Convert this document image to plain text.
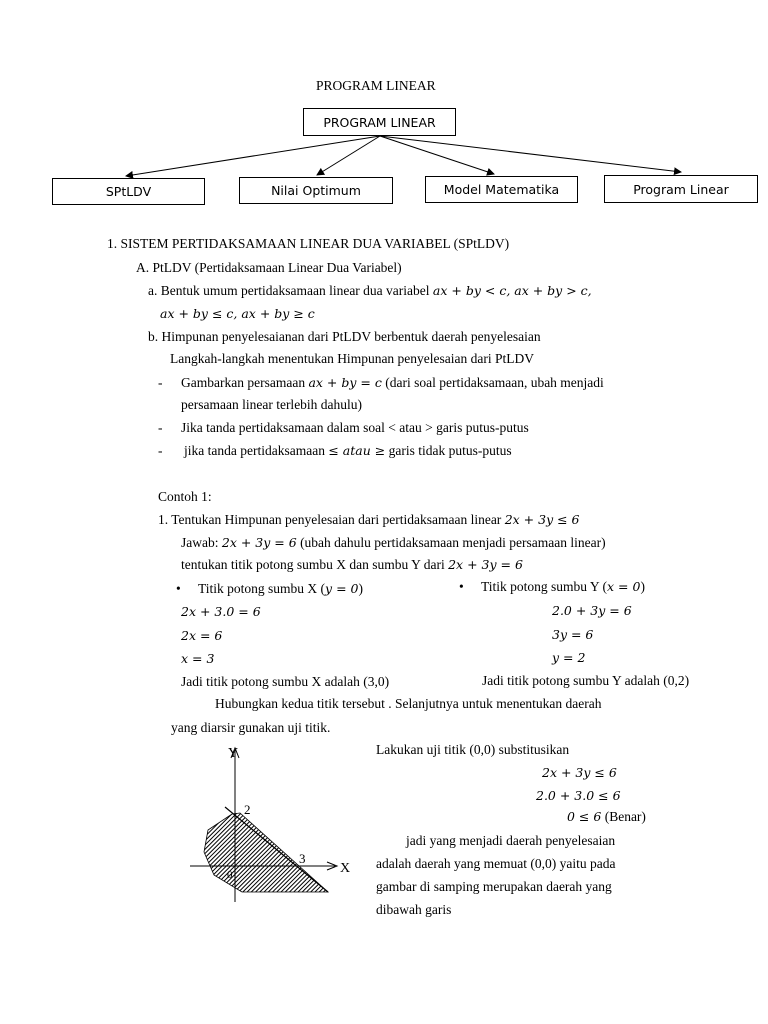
PROGRAM LINEAR
PROGRAM LINEAR
SPtLDV	Nilai Optimum	Model Matematika	Program Linear
1. SISTEM PERTIDAKSAMAAN LINEAR DUA VARIABEL (SPtLDV)
A. PtLDV (Pertidaksamaan Linear Dua Variabel)
a. Bentuk umum pertidaksamaan linear dua variabel ax + by < c, ax + by > c,
ax + by ≤ c, ax + by ≥ c
b. Himpunan penyelesaianan dari PtLDV berbentuk daerah penyelesaian
Langkah-langkah menentukan Himpunan penyelesaian dari PtLDV
- Gambarkan persamaan ax + by = c (dari soal pertidaksamaan, ubah menjadi
persamaan linear terlebih dahulu)
- Jika tanda pertidaksamaan dalam soal < atau > garis putus-putus
- jika tanda pertidaksamaan ≤ atau ≥ garis tidak putus-putus
Contoh 1:
1. Tentukan Himpunan penyelesaian dari pertidaksamaan linear 2x + 3y ≤ 6
Jawab: 2x + 3y = 6 (ubah dahulu pertidaksamaan menjadi persamaan linear)
tentukan titik potong sumbu X dan sumbu Y dari 2x + 3y = 6
• Titik potong sumbu X (y = 0)
2x + 3.0 = 6
2x = 6
x = 3
Jadi titik potong sumbu X adalah (3,0)
• Titik potong sumbu Y (x = 0)
2.0 + 3y = 6
3y = 6
y = 2
Jadi titik potong sumbu Y adalah (0,2)
Hubungkan kedua titik tersebut . Selanjutnya untuk menentukan daerah
yang diarsir gunakan uji titik.
Y
X
2
3
0
Lakukan uji titik (0,0) substitusikan
2x + 3y ≤ 6
2.0 + 3.0 ≤ 6
0 ≤ 6 (Benar)
jadi yang menjadi daerah penyelesaian
adalah daerah yang memuat (0,0) yaitu pada
gambar di samping merupakan daerah yang
dibawah garis
